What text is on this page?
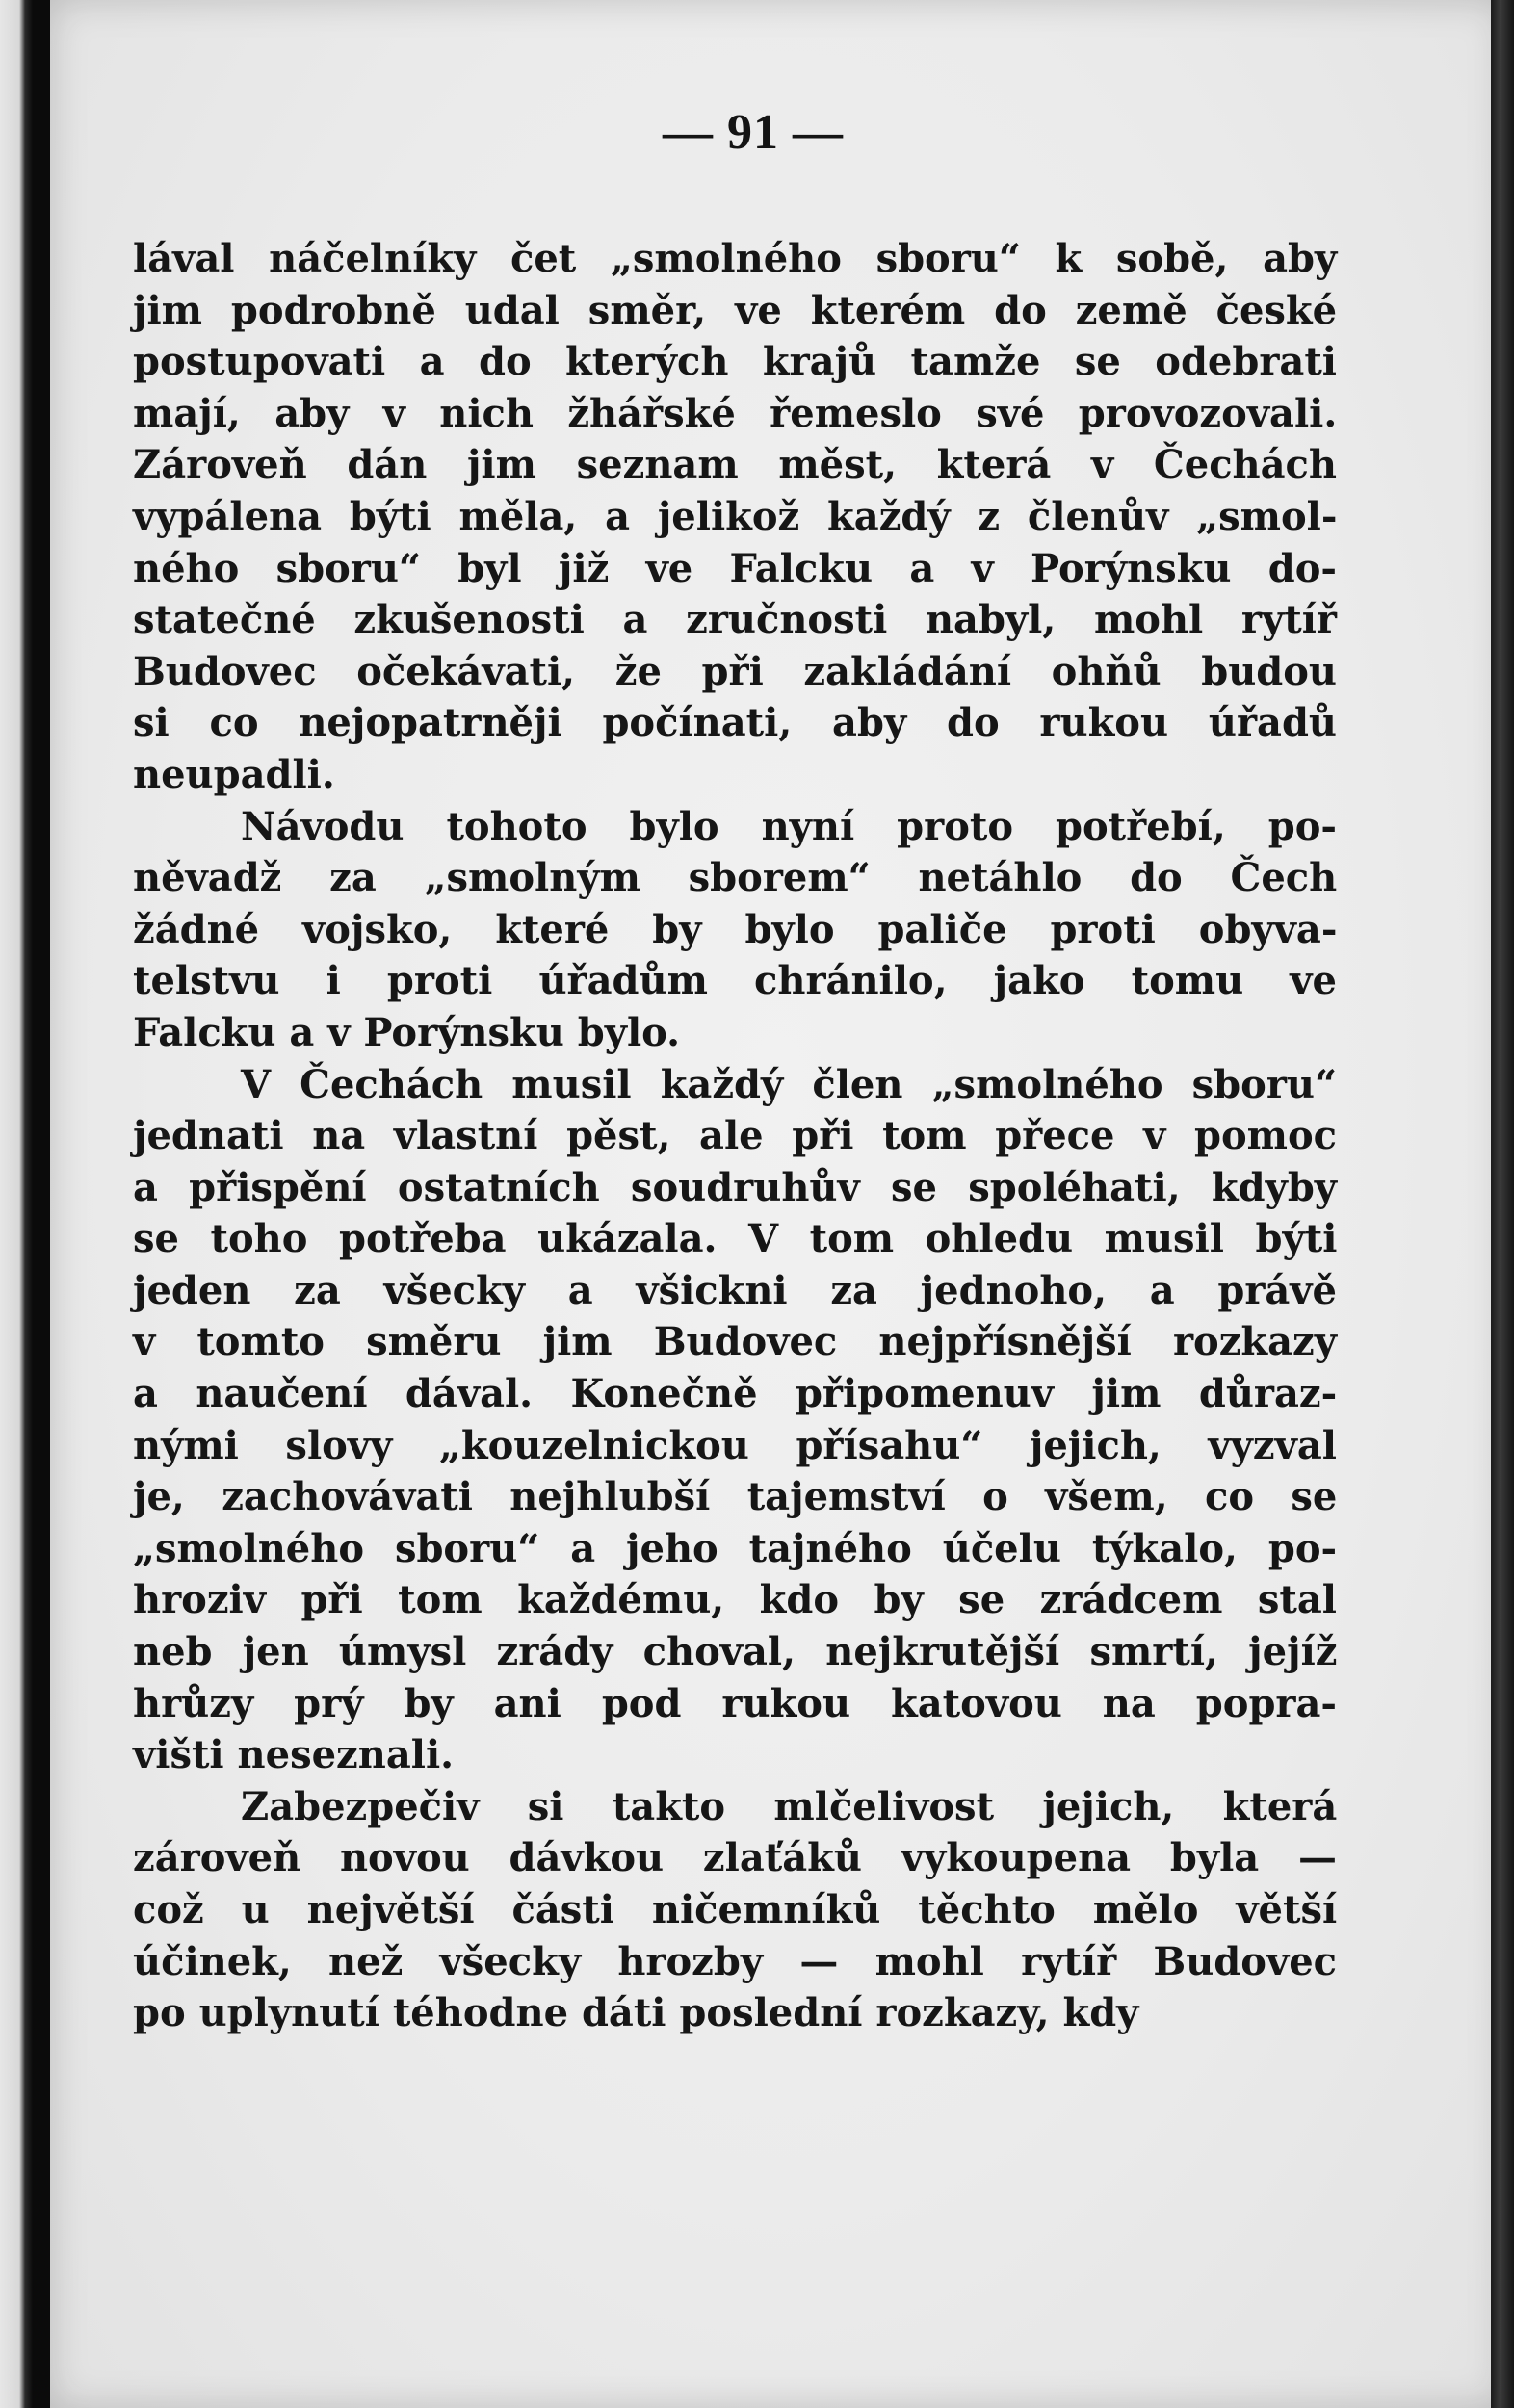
— 91 —
lával náčelníky čet „smolného sboru“ k sobě, aby
jim podrobně udal směr, ve kterém do země české
postupovati a do kterých krajů tamže se odebrati
mají, aby v nich žhářské řemeslo své provozovali.
Zároveň dán jim seznam měst, která v Čechách
vypálena býti měla, a jelikož každý z členův „smol-
ného sboru“ byl již ve Falcku a v Porýnsku do-
statečné zkušenosti a zručnosti nabyl, mohl rytíř
Budovec očekávati, že při zakládání ohňů budou
si co nejopatrněji počínati, aby do rukou úřadů
neupadli.
Návodu tohoto bylo nyní proto potřebí, po-
něvadž za „smolným sborem“ netáhlo do Čech
žádné vojsko, které by bylo paliče proti obyva-
telstvu i proti úřadům chránilo, jako tomu ve
Falcku a v Porýnsku bylo.
V Čechách musil každý člen „smolného sboru“
jednati na vlastní pěst, ale při tom přece v pomoc
a přispění ostatních soudruhův se spoléhati, kdyby
se toho potřeba ukázala. V tom ohledu musil býti
jeden za všecky a všickni za jednoho, a právě
v tomto směru jim Budovec nejpřísnější rozkazy
a naučení dával. Konečně připomenuv jim důraz-
nými slovy „kouzelnickou přísahu“ jejich, vyzval
je, zachovávati nejhlubší tajemství o všem, co se
„smolného sboru“ a jeho tajného účelu týkalo, po-
hroziv při tom každému, kdo by se zrádcem stal
neb jen úmysl zrády choval, nejkrutější smrtí, jejíž
hrůzy prý by ani pod rukou katovou na popra-
višti neseznali.
Zabezpečiv si takto mlčelivost jejich, která
zároveň novou dávkou zlaťáků vykoupena byla —
což u největší části ničemníků těchto mělo větší
účinek, než všecky hrozby — mohl rytíř Budovec
po uplynutí téhodne dáti poslední rozkazy, kdy
